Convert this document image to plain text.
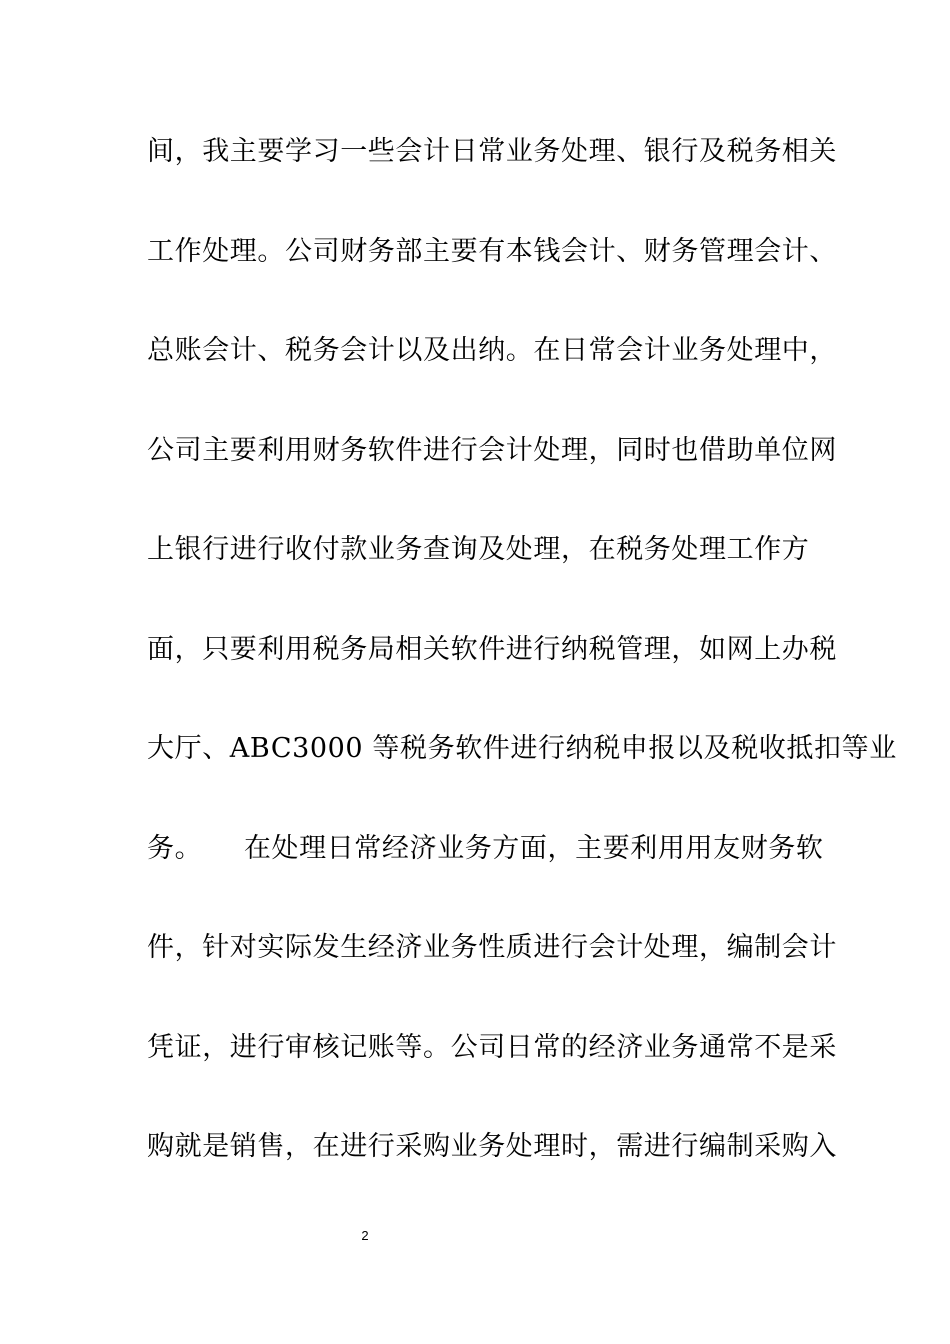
间，我主要学习一些会计日常业务处理、银行及税务相关
工作处理。公司财务部主要有本钱会计、财务管理会计、
总账会计、税务会计以及出纳。在日常会计业务处理中，
公司主要利用财务软件进行会计处理，同时也借助单位网
上银行进行收付款业务查询及处理，在税务处理工作方
面，只要利用税务局相关软件进行纳税管理，如网上办税
大厅、ABC3000 等税务软件进行纳税申报以及税收抵扣等业
务。　　在处理日常经济业务方面，主要利用用友财务软
件，针对实际发生经济业务性质进行会计处理，编制会计
凭证，进行审核记账等。公司日常的经济业务通常不是采
购就是销售，在进行采购业务处理时，需进行编制采购入
2
